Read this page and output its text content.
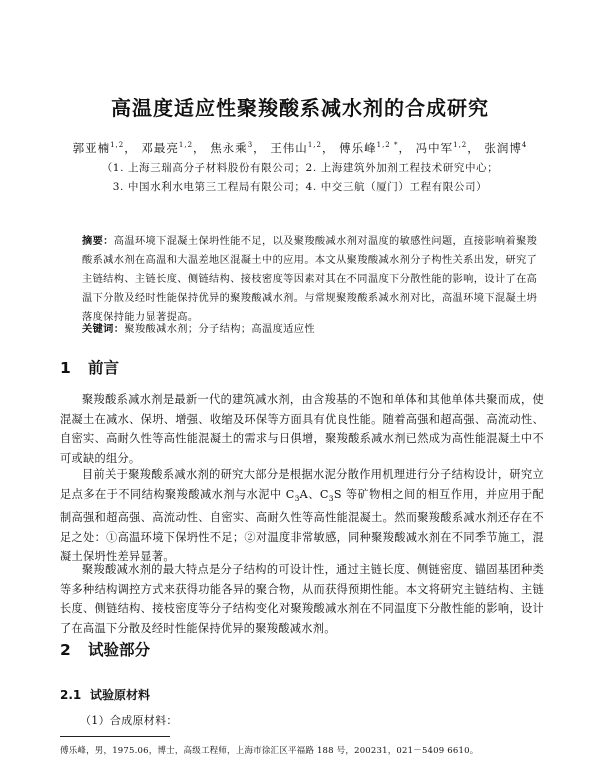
高温度适应性聚羧酸系减水剂的合成研究
郭亚楠$^{1,2}$， 邓最亮$^{1,2}$， 焦永乘$^3$， 王伟山$^{1,2}$， 傅乐峰$^{1,2 *}$， 冯中军$^{1,2}$， 张润博$^4$
（1. 上海三瑞高分子材料股份有限公司；2. 上海建筑外加剂工程技术研究中心；
3. 中国水利水电第三工程局有限公司；4. 中交三航（厦门）工程有限公司）
摘要：高温环境下混凝土保坍性能不足，以及聚羧酸减水剂对温度的敏感性问题，直接影响着聚羧酸系减水剂在高温和大温差地区混凝土中的应用。本文从聚羧酸减水剂分子构性关系出发，研究了主链结构、主链长度、侧链结构、接枝密度等因素对其在不同温度下分散性能的影响，设计了在高温下分散及经时性能保持优异的聚羧酸减水剂。与常规聚羧酸系减水剂对比，高温环境下混凝土坍落度保持能力显著提高。
关键词：聚羧酸减水剂；分子结构；高温度适应性
1 前言
聚羧酸系减水剂是最新一代的建筑减水剂，由含羧基的不饱和单体和其他单体共聚而成，使混凝土在减水、保坍、增强、收缩及环保等方面具有优良性能。随着高强和超高强、高流动性、自密实、高耐久性等高性能混凝土的需求与日俱增，聚羧酸系减水剂已然成为高性能混凝土中不可或缺的组分。
目前关于聚羧酸系减水剂的研究大部分是根据水泥分散作用机理进行分子结构设计，研究立足点多在于不同结构聚羧酸减水剂与水泥中 $C_3A$、$C_3S$ 等矿物相之间的相互作用，并应用于配制高强和超高强、高流动性、自密实、高耐久性等高性能混凝土。然而聚羧酸系减水剂还存在不足之处：①高温环境下保坍性不足；②对温度非常敏感，同种聚羧酸减水剂在不同季节施工，混凝土保坍性差异显著。
聚羧酸减水剂的最大特点是分子结构的可设计性，通过主链长度、侧链密度、锚固基团种类等多种结构调控方式来获得功能各异的聚合物，从而获得预期性能。本文将研究主链结构、主链长度、侧链结构、接枝密度等分子结构变化对聚羧酸减水剂在不同温度下分散性能的影响，设计了在高温下分散及经时性能保持优异的聚羧酸减水剂。
2 试验部分
2.1 试验原材料
（1）合成原材料：
傅乐峰，男，1975.06，博士，高级工程师，上海市徐汇区平福路 188 号，200231，021－5409 6610。
